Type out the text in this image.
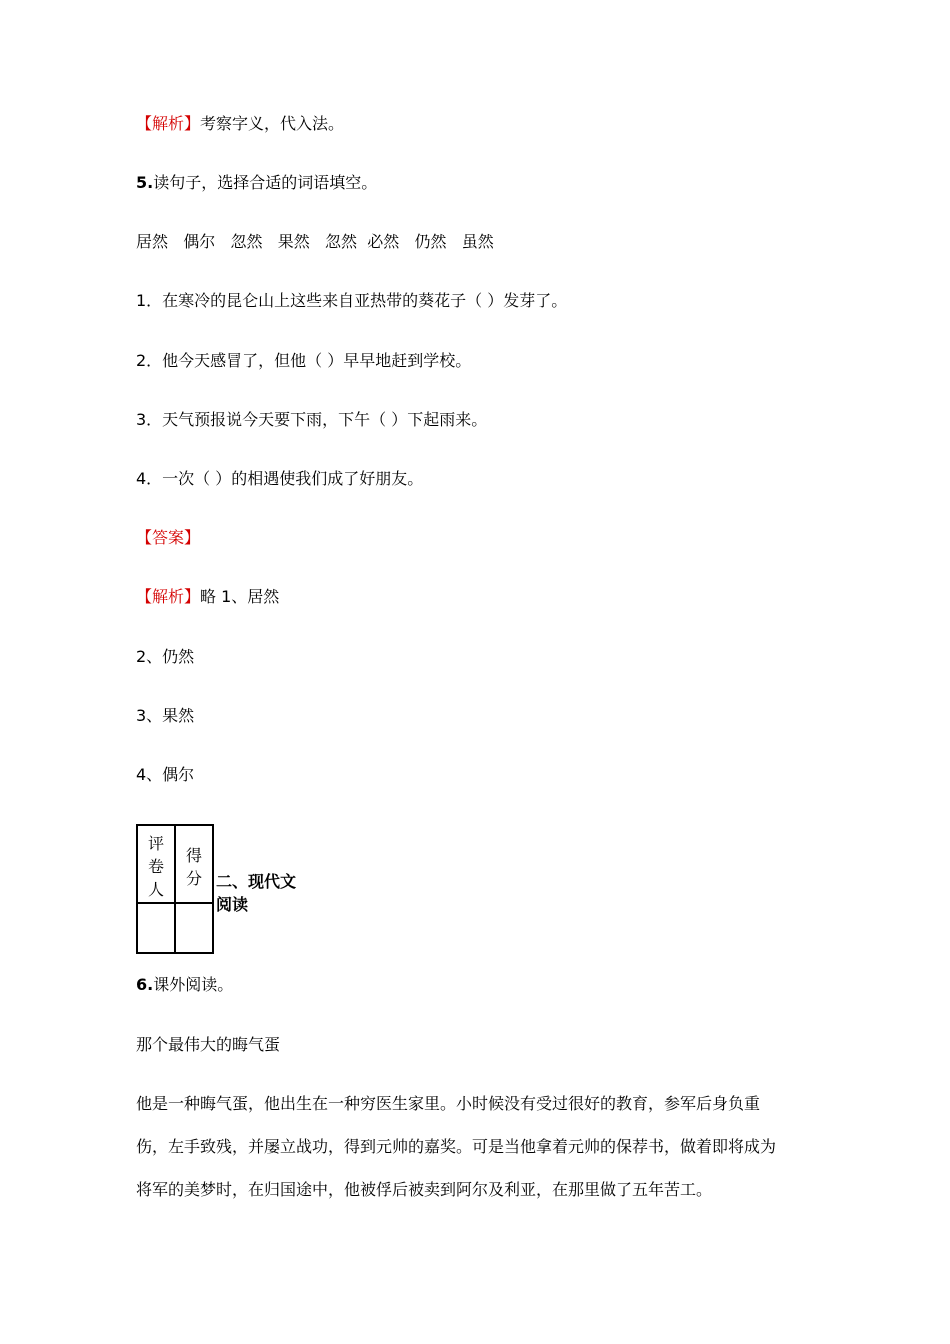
【解析】考察字义，代入法。
5.读句子，选择合适的词语填空。
居然   偶尔   忽然   果然   忽然  必然   仍然   虽然
1．在寒冷的昆仑山上这些来自亚热带的葵花子（ ）发芽了。
2．他今天感冒了，但他（ ）早早地赶到学校。
3．天气预报说今天要下雨，下午（ ）下起雨来。
4．一次（ ）的相遇使我们成了好朋友。
【答案】
【解析】略 1、居然
2、仍然
3、果然
4、偶尔
评卷人	得分

	二、现代文阅读
6.课外阅读。
那个最伟大的晦气蛋
他是一种晦气蛋，他出生在一种穷医生家里。小时候没有受过很好的教育，参军后身负重
伤，左手致残，并屡立战功，得到元帅的嘉奖。可是当他拿着元帅的保荐书，做着即将成为
将军的美梦时，在归国途中，他被俘后被卖到阿尔及利亚，在那里做了五年苦工。
